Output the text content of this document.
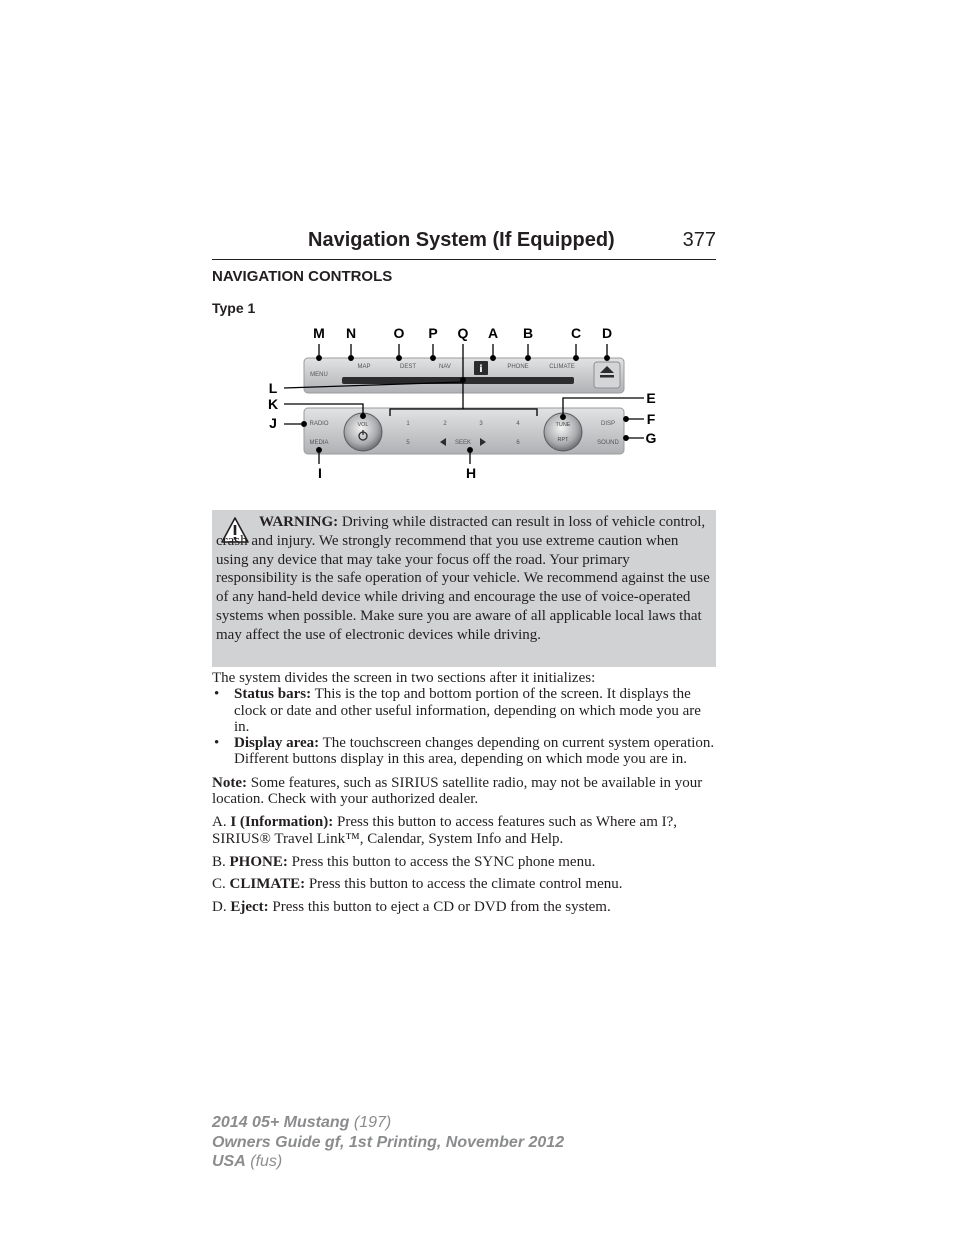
Navigation System (If Equipped)	377
NAVIGATION CONTROLS
Type 1
i
MENU
MAP	DEST	NAV	PHONE	CLIMATE
RADIO
MEDIA
1	2	3	4
5	6
SEEK
DISP
SOUND
VOL	TUNE
RPT
M N	O P Q A B	C D
L
K
J
E
F
G
I	H
WARNING: Driving while distracted can result in loss of vehicle control, crash and injury. We strongly recommend that you use extreme caution when using any device that may take your focus off the road. Your primary responsibility is the safe operation of your vehicle. We recommend against the use of any hand-held device while driving and encourage the use of voice-operated systems when possible. Make sure you are aware of all applicable local laws that may affect the use of electronic devices while driving.

The system divides the screen in two sections after it initializes:

• Status bars: This is the top and bottom portion of the screen. It displays the clock or date and other useful information, depending on which mode you are in.
• Display area: The touchscreen changes depending on current system operation. Different buttons display in this area, depending on which mode you are in.

Note: Some features, such as SIRIUS satellite radio, may not be available in your location. Check with your authorized dealer.

A. I (Information): Press this button to access features such as Where am I?, SIRIUS® Travel Link™, Calendar, System Info and Help.

B. PHONE: Press this button to access the SYNC phone menu.

C. CLIMATE: Press this button to access the climate control menu.

D. Eject: Press this button to eject a CD or DVD from the system.

2014 05+ Mustang (197)
Owners Guide gf, 1st Printing, November 2012
USA (fus)
